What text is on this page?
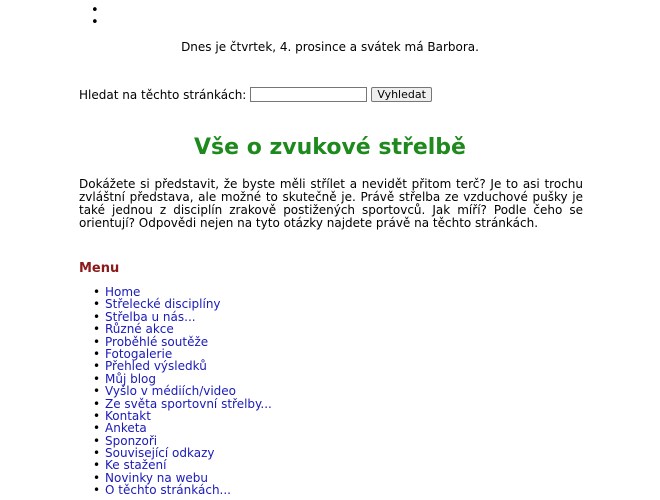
Dnes je čtvrtek, 4. prosince a svátek má Barbora.
Hledat na těchto stránkách:	Vyhledat
Vše o zvukové střelbě

Dokážete si představit, že byste měli střílet a nevidět přitom terč? Je to asi trochu zvláštní představa, ale možné to skutečně je. Právě střelba ze vzduchové pušky je také jednou z disciplín zrakově postižených sportovců. Jak míří? Podle čeho se orientují? Odpovědi nejen na tyto otázky najdete právě na těchto stránkách.

Menu
• Home
• Střelecké disciplíny
• Střelba u nás...
• Různé akce
• Proběhlé soutěže
• Fotogalerie
• Přehled výsledků
• Můj blog
• Vyšlo v médiích/video
• Ze světa sportovní střelby...
• Kontakt
• Anketa
• Sponzoři
• Související odkazy
• Ke stažení
• Novinky na webu
• O těchto stránkách...
